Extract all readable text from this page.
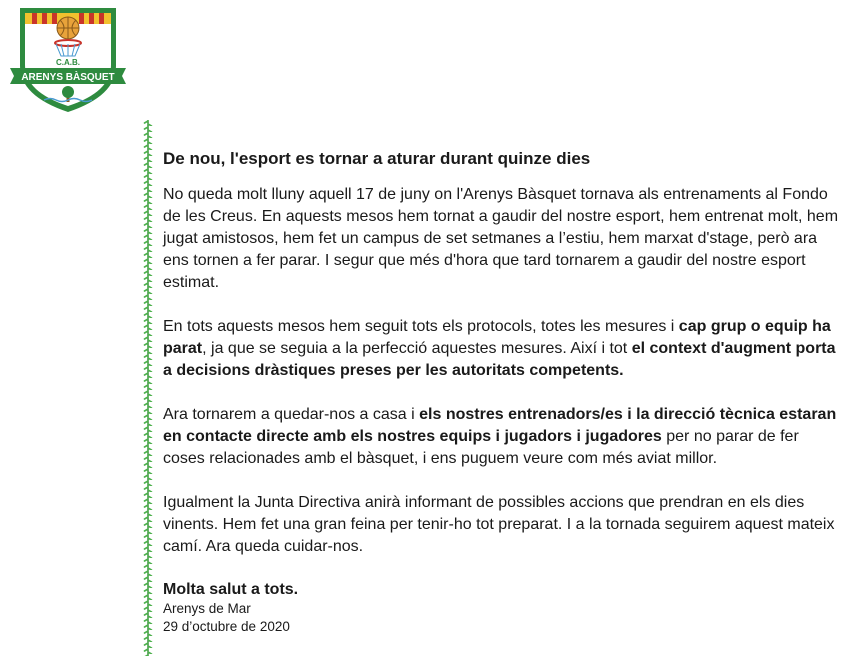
C.A.B.
ARENYS BÀSQUET
De nou, l'esport es tornar a aturar durant quinze dies

No queda molt lluny aquell 17 de juny on l'Arenys Bàsquet tornava als entrenaments al Fondo de les Creus. En aquests mesos hem tornat a gaudir del nostre esport, hem entrenat molt, hem jugat amistosos, hem fet un campus de set setmanes a l’estiu, hem marxat d'stage, però ara ens tornen a fer parar. I segur que més d'hora que tard tornarem a gaudir del nostre esport estimat.

En tots aquests mesos hem seguit tots els protocols, totes les mesures i cap grup o equip ha parat, ja que se seguia a la perfecció aquestes mesures. Així i tot el context d'augment porta a decisions dràstiques preses per les autoritats competents.

Ara tornarem a quedar-nos a casa i els nostres entrenadors/es i la direcció tècnica estaran en contacte directe amb els nostres equips i jugadors i jugadores per no parar de fer coses relacionades amb el bàsquet, i ens puguem veure com més aviat millor.

Igualment la Junta Directiva anirà informant de possibles accions que prendran en els dies vinents. Hem fet una gran feina per tenir-ho tot preparat. I a la tornada seguirem aquest mateix camí. Ara queda cuidar-nos.

Molta salut a tots.

Arenys de Mar

29 d’octubre de 2020
